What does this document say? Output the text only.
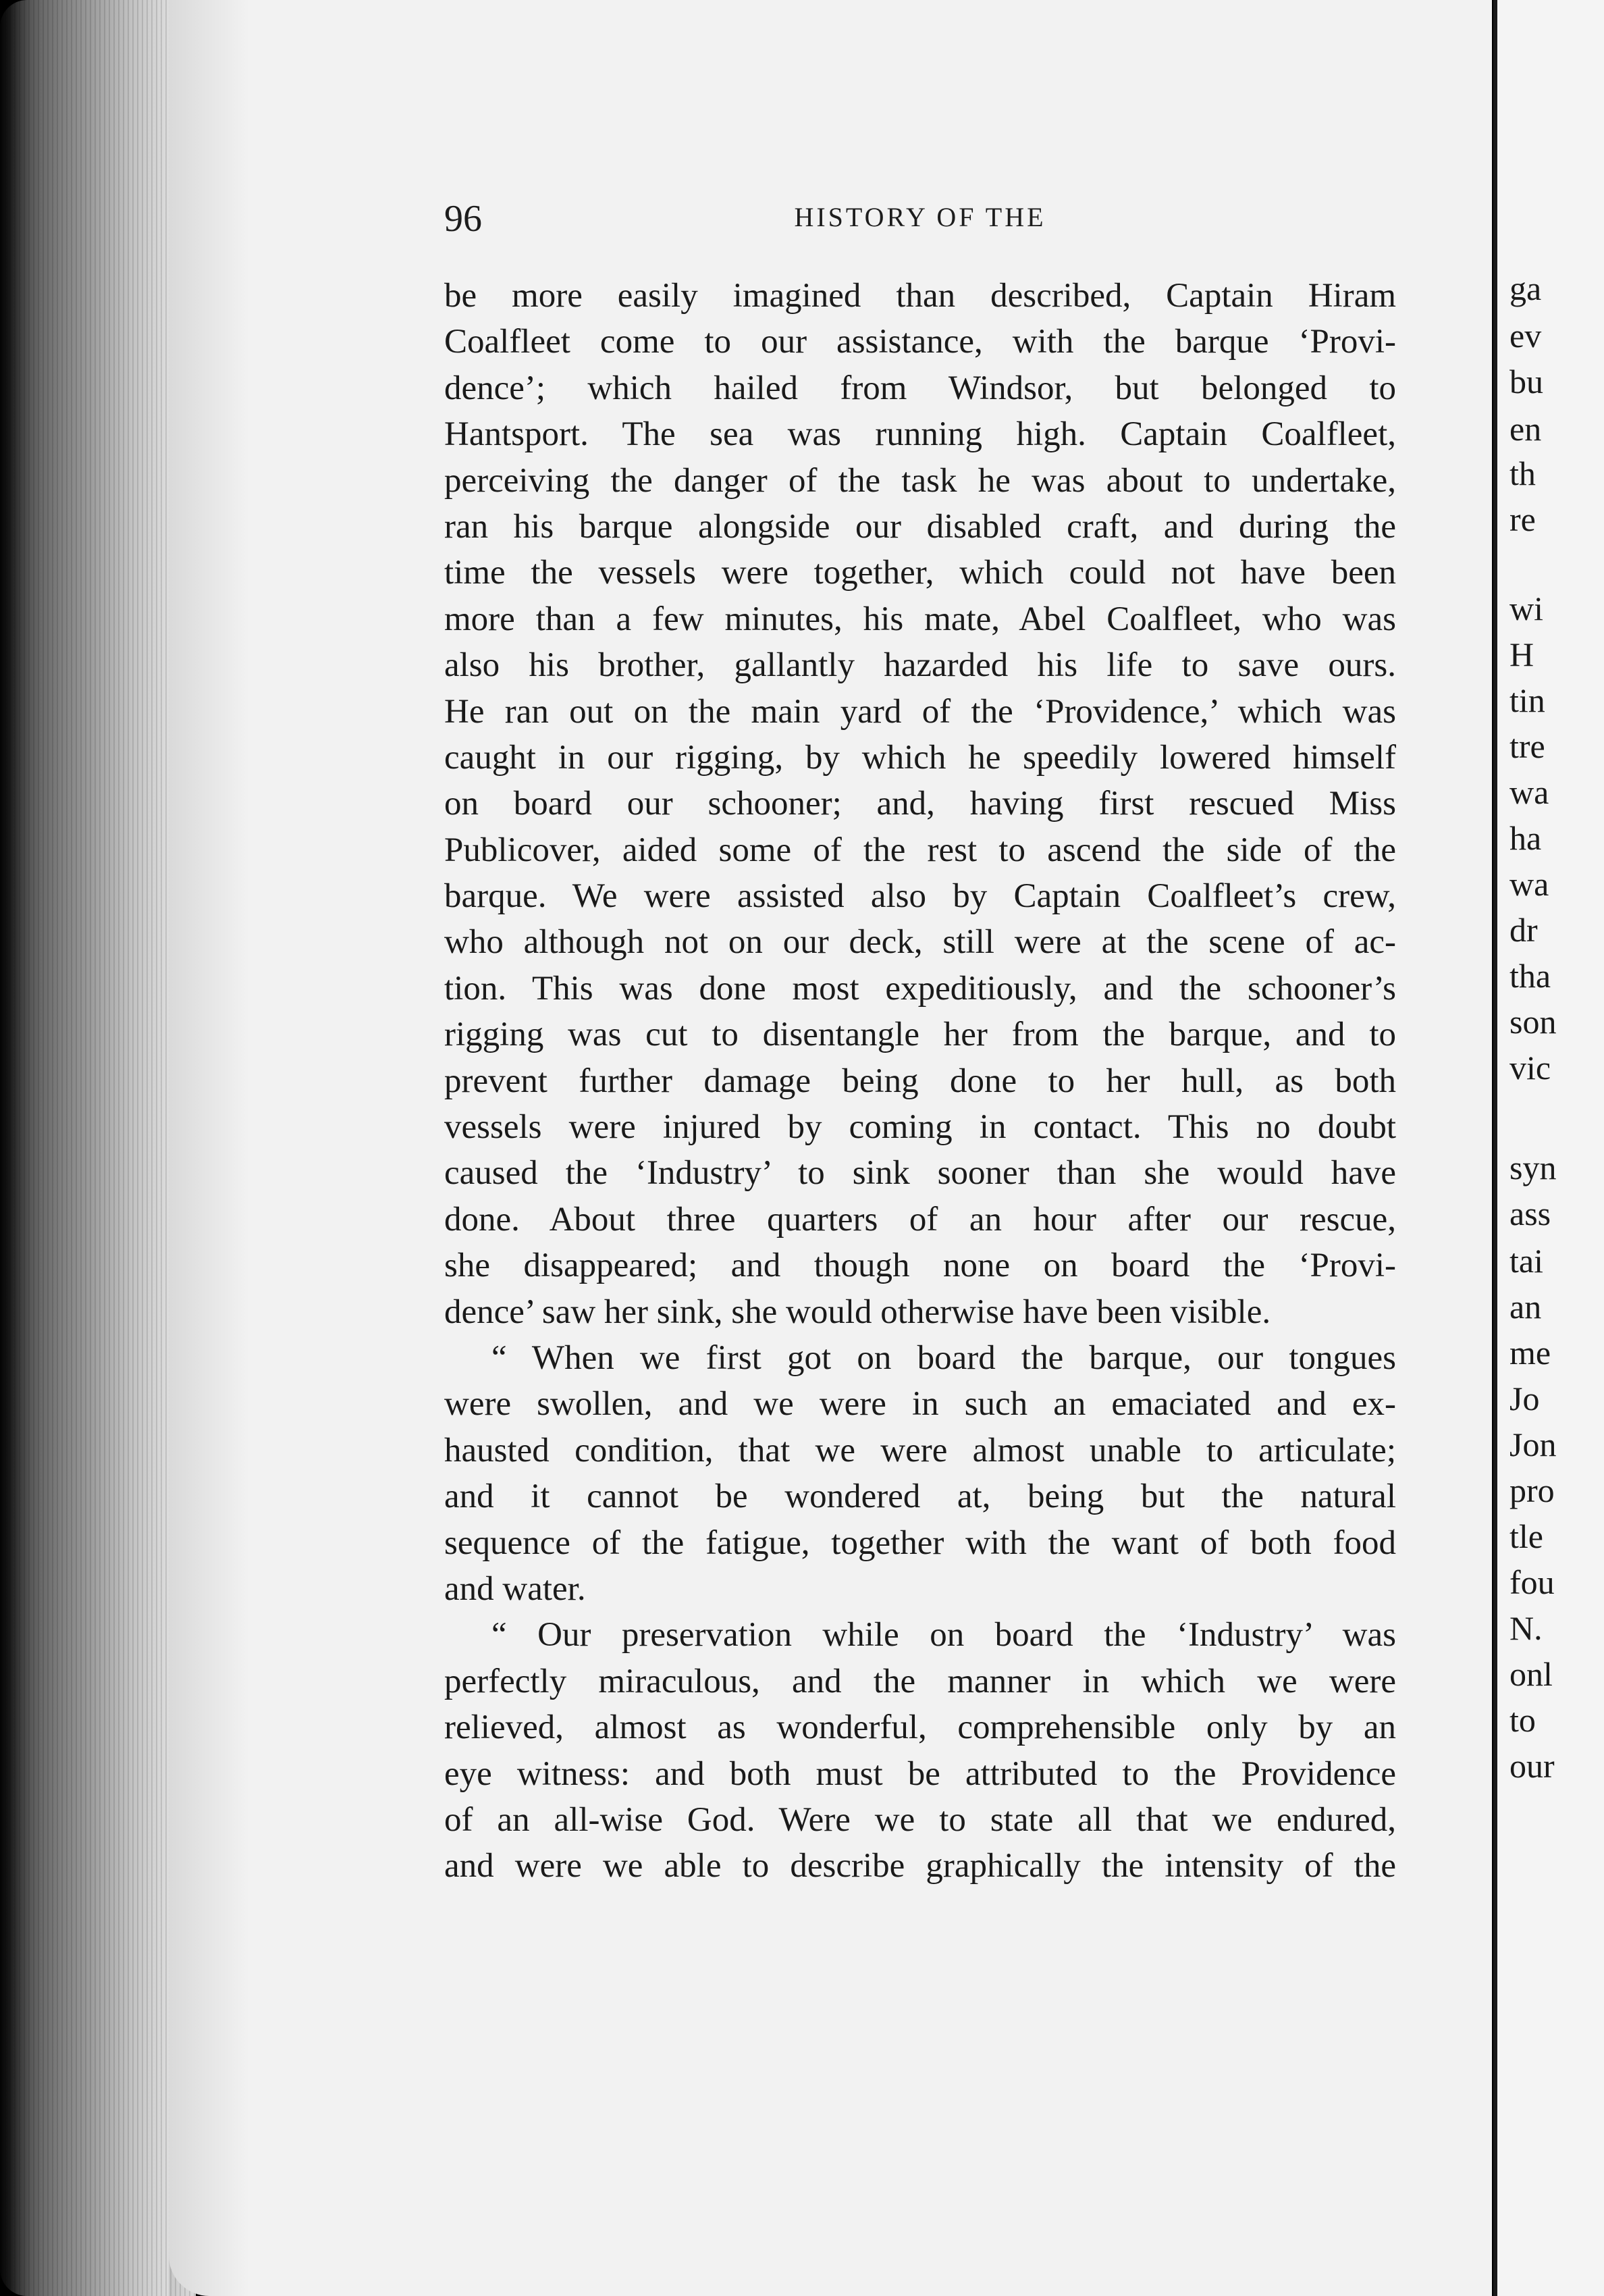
96	HISTORY OF THE
be more easily imagined than described, Captain Hiram
Coalfleet come to our assistance, with the barque ‘Provi-
dence’; which hailed from Windsor, but belonged to
Hantsport. The sea was running high. Captain Coalfleet,
perceiving the danger of the task he was about to undertake,
ran his barque alongside our disabled craft, and during the
time the vessels were together, which could not have been
more than a few minutes, his mate, Abel Coalfleet, who was
also his brother, gallantly hazarded his life to save ours.
He ran out on the main yard of the ‘Providence,’ which was
caught in our rigging, by which he speedily lowered himself
on board our schooner; and, having first rescued Miss
Publicover, aided some of the rest to ascend the side of the
barque. We were assisted also by Captain Coalfleet’s crew,
who although not on our deck, still were at the scene of ac-
tion. This was done most expeditiously, and the schooner’s
rigging was cut to disentangle her from the barque, and to
prevent further damage being done to her hull, as both
vessels were injured by coming in contact. This no doubt
caused the ‘Industry’ to sink sooner than she would have
done. About three quarters of an hour after our rescue,
she disappeared; and though none on board the ‘Provi-
dence’ saw her sink, she would otherwise have been visible.
“ When we first got on board the barque, our tongues
were swollen, and we were in such an emaciated and ex-
hausted condition, that we were almost unable to articulate;
and it cannot be wondered at, being but the natural
sequence of the fatigue, together with the want of both food
and water.
“ Our preservation while on board the ‘Industry’ was
perfectly miraculous, and the manner in which we were
relieved, almost as wonderful, comprehensible only by an
eye witness: and both must be attributed to the Providence
of an all-wise God. Were we to state all that we endured,
and were we able to describe graphically the intensity of the
ga
ev
bu
en
th
re
wi
H
tin
tre
wa
ha
wa
dr
tha
son
vic
syn
ass
tai
an
me
Jo
Jon
pro
tle
fou
N.
onl
to
our
